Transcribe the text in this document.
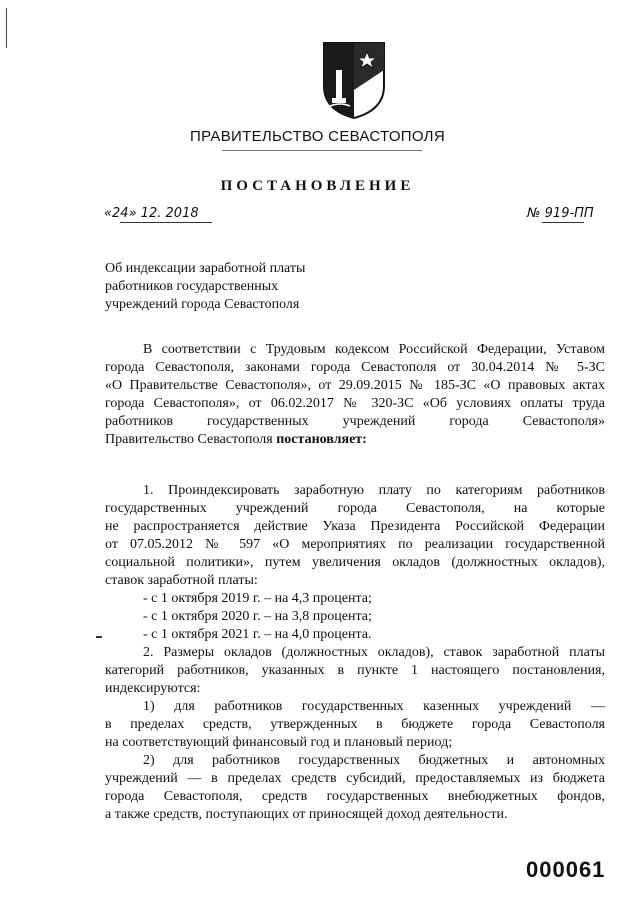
ПРАВИТЕЛЬСТВО СЕВАСТОПОЛЯ
ПОСТАНОВЛЕНИЕ
«24» 12. 2018	№ 919-ПП
Об индексации заработной платы
работников государственных
учреждений города Севастополя
В соответствии с Трудовым кодексом Российской Федерации, Уставом
города Севастополя, законами города Севастополя от 30.04.2014 № 5-ЗС
«О Правительстве Севастополя», от 29.09.2015 № 185-ЗС «О правовых актах
города Севастополя», от 06.02.2017 № 320-ЗС «Об условиях оплаты труда
работников государственных учреждений города Севастополя»
Правительство Севастополя постановляет:
1. Проиндексировать заработную плату по категориям работников
государственных учреждений города Севастополя, на которые
не распространяется действие Указа Президента Российской Федерации
от 07.05.2012 № 597 «О мероприятиях по реализации государственной
социальной политики», путем увеличения окладов (должностных окладов),
ставок заработной платы:
- с 1 октября 2019 г. – на 4,3 процента;
- с 1 октября 2020 г. – на 3,8 процента;
- с 1 октября 2021 г. – на 4,0 процента.
2. Размеры окладов (должностных окладов), ставок заработной платы
категорий работников, указанных в пункте 1 настоящего постановления,
индексируются:
1) для работников государственных казенных учреждений —
в пределах средств, утвержденных в бюджете города Севастополя
на соответствующий финансовый год и плановый период;
2) для работников государственных бюджетных и автономных
учреждений — в пределах средств субсидий, предоставляемых из бюджета
города Севастополя, средств государственных внебюджетных фондов,
а также средств, поступающих от приносящей доход деятельности.
000061
